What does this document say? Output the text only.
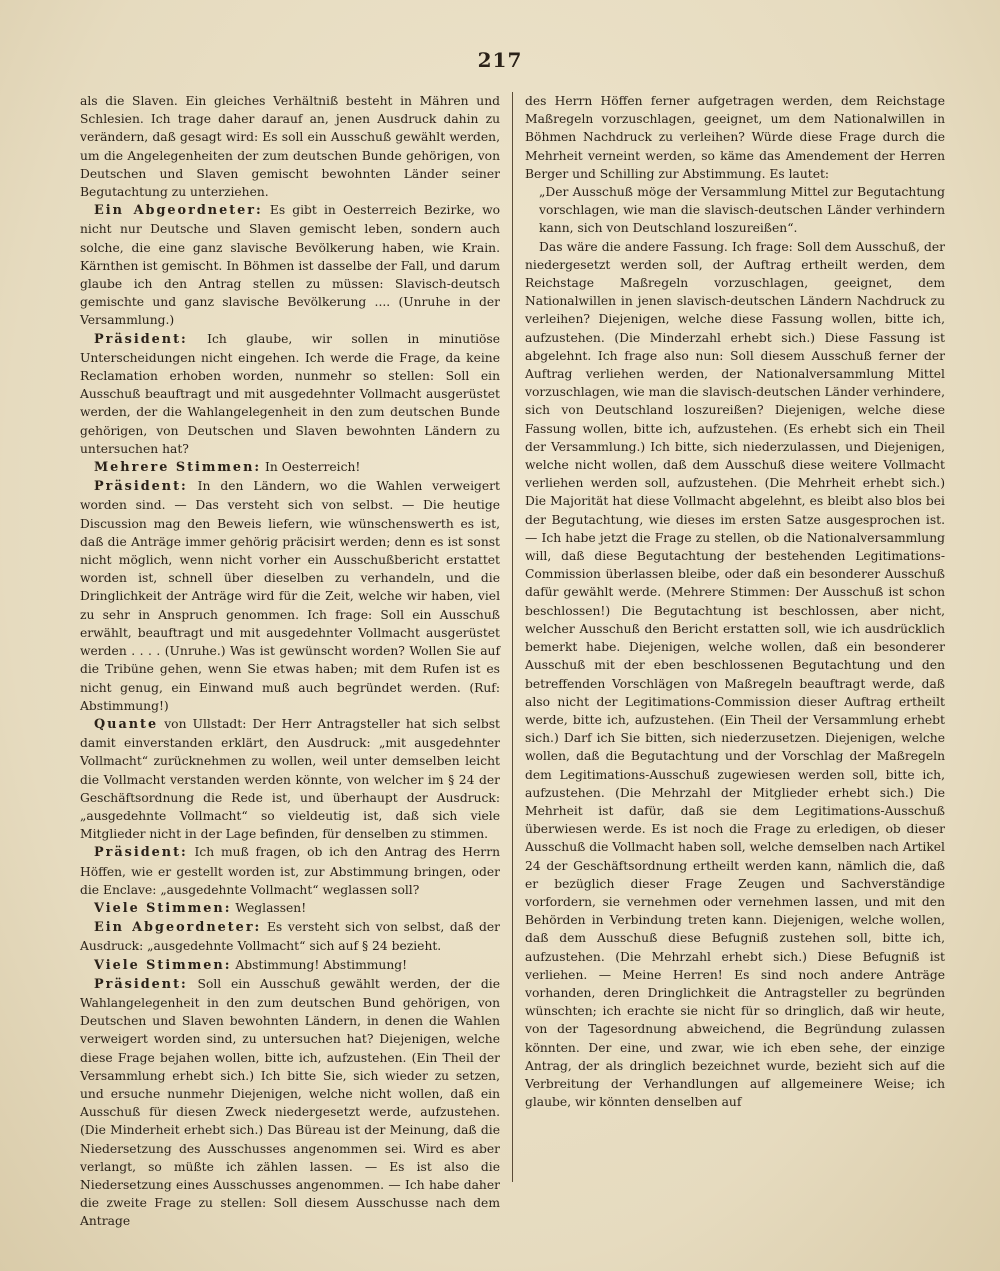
217

als die Slaven. Ein gleiches Verhältniß besteht in Mähren und Schlesien. Ich trage daher darauf an, jenen Ausdruck dahin zu verändern, daß gesagt wird: Es soll ein Ausschuß gewählt werden, um die Angelegenheiten der zum deutschen Bunde gehörigen, von Deutschen und Slaven gemischt bewohnten Länder seiner Begutachtung zu unterziehen.

Ein Abgeordneter: Es gibt in Oesterreich Bezirke, wo nicht nur Deutsche und Slaven gemischt leben, sondern auch solche, die eine ganz slavische Bevölkerung haben, wie Krain. Kärnthen ist gemischt. In Böhmen ist dasselbe der Fall, und darum glaube ich den Antrag stellen zu müssen: Slavisch-deutsch gemischte und ganz slavische Bevölkerung .... (Unruhe in der Versammlung.)

Präsident: Ich glaube, wir sollen in minutiöse Unterscheidungen nicht eingehen. Ich werde die Frage, da keine Reclamation erhoben worden, nunmehr so stellen: Soll ein Ausschuß beauftragt und mit ausgedehnter Vollmacht ausgerüstet werden, der die Wahlangelegenheit in den zum deutschen Bunde gehörigen, von Deutschen und Slaven bewohnten Ländern zu untersuchen hat?

Mehrere Stimmen: In Oesterreich!

Präsident: In den Ländern, wo die Wahlen verweigert worden sind. — Das versteht sich von selbst. — Die heutige Discussion mag den Beweis liefern, wie wünschenswerth es ist, daß die Anträge immer gehörig präcisirt werden; denn es ist sonst nicht möglich, wenn nicht vorher ein Ausschußbericht erstattet worden ist, schnell über dieselben zu verhandeln, und die Dringlichkeit der Anträge wird für die Zeit, welche wir haben, viel zu sehr in Anspruch genommen. Ich frage: Soll ein Ausschuß erwählt, beauftragt und mit ausgedehnter Vollmacht ausgerüstet werden . . . . (Unruhe.) Was ist gewünscht worden? Wollen Sie auf die Tribüne gehen, wenn Sie etwas haben; mit dem Rufen ist es nicht genug, ein Einwand muß auch begründet werden. (Ruf: Abstimmung!)

Quante von Ullstadt: Der Herr Antragsteller hat sich selbst damit einverstanden erklärt, den Ausdruck: „mit ausgedehnter Vollmacht“ zurücknehmen zu wollen, weil unter demselben leicht die Vollmacht verstanden werden könnte, von welcher im § 24 der Geschäftsordnung die Rede ist, und überhaupt der Ausdruck: „ausgedehnte Vollmacht“ so vieldeutig ist, daß sich viele Mitglieder nicht in der Lage befinden, für denselben zu stimmen.

Präsident: Ich muß fragen, ob ich den Antrag des Herrn Höffen, wie er gestellt worden ist, zur Abstimmung bringen, oder die Enclave: „ausgedehnte Vollmacht“ weglassen soll?

Viele Stimmen: Weglassen!

Ein Abgeordneter: Es versteht sich von selbst, daß der Ausdruck: „ausgedehnte Vollmacht“ sich auf § 24 bezieht.

Viele Stimmen: Abstimmung! Abstimmung!

Präsident: Soll ein Ausschuß gewählt werden, der die Wahlangelegenheit in den zum deutschen Bund gehörigen, von Deutschen und Slaven bewohnten Ländern, in denen die Wahlen verweigert worden sind, zu untersuchen hat? Diejenigen, welche diese Frage bejahen wollen, bitte ich, aufzustehen. (Ein Theil der Versammlung erhebt sich.) Ich bitte Sie, sich wieder zu setzen, und ersuche nunmehr Diejenigen, welche nicht wollen, daß ein Ausschuß für diesen Zweck niedergesetzt werde, aufzustehen. (Die Minderheit erhebt sich.) Das Büreau ist der Meinung, daß die Niedersetzung des Ausschusses angenommen sei. Wird es aber verlangt, so müßte ich zählen lassen. — Es ist also die Niedersetzung eines Ausschusses angenommen. — Ich habe daher die zweite Frage zu stellen: Soll diesem Ausschusse nach dem Antrage

des Herrn Höffen ferner aufgetragen werden, dem Reichstage Maßregeln vorzuschlagen, geeignet, um dem Nationalwillen in Böhmen Nachdruck zu verleihen? Würde diese Frage durch die Mehrheit verneint werden, so käme das Amendement der Herren Berger und Schilling zur Abstimmung. Es lautet:

„Der Ausschuß möge der Versammlung Mittel zur Begutachtung vorschlagen, wie man die slavisch-deutschen Länder verhindern kann, sich von Deutschland loszureißen“.

Das wäre die andere Fassung. Ich frage: Soll dem Ausschuß, der niedergesetzt werden soll, der Auftrag ertheilt werden, dem Reichstage Maßregeln vorzuschlagen, geeignet, dem Nationalwillen in jenen slavisch-deutschen Ländern Nachdruck zu verleihen? Diejenigen, welche diese Fassung wollen, bitte ich, aufzustehen. (Die Minderzahl erhebt sich.) Diese Fassung ist abgelehnt. Ich frage also nun: Soll diesem Ausschuß ferner der Auftrag verliehen werden, der Nationalversammlung Mittel vorzuschlagen, wie man die slavisch-deutschen Länder verhindere, sich von Deutschland loszureißen? Diejenigen, welche diese Fassung wollen, bitte ich, aufzustehen. (Es erhebt sich ein Theil der Versammlung.) Ich bitte, sich niederzulassen, und Diejenigen, welche nicht wollen, daß dem Ausschuß diese weitere Vollmacht verliehen werden soll, aufzustehen. (Die Mehrheit erhebt sich.) Die Majorität hat diese Vollmacht abgelehnt, es bleibt also blos bei der Begutachtung, wie dieses im ersten Satze ausgesprochen ist. — Ich habe jetzt die Frage zu stellen, ob die Nationalversammlung will, daß diese Begutachtung der bestehenden Legitimations-Commission überlassen bleibe, oder daß ein besonderer Ausschuß dafür gewählt werde. (Mehrere Stimmen: Der Ausschuß ist schon beschlossen!) Die Begutachtung ist beschlossen, aber nicht, welcher Ausschuß den Bericht erstatten soll, wie ich ausdrücklich bemerkt habe. Diejenigen, welche wollen, daß ein besonderer Ausschuß mit der eben beschlossenen Begutachtung und den betreffenden Vorschlägen von Maßregeln beauftragt werde, daß also nicht der Legitimations-Commission dieser Auftrag ertheilt werde, bitte ich, aufzustehen. (Ein Theil der Versammlung erhebt sich.) Darf ich Sie bitten, sich niederzusetzen. Diejenigen, welche wollen, daß die Begutachtung und der Vorschlag der Maßregeln dem Legitimations-Ausschuß zugewiesen werden soll, bitte ich, aufzustehen. (Die Mehrzahl der Mitglieder erhebt sich.) Die Mehrheit ist dafür, daß sie dem Legitimations-Ausschuß überwiesen werde. Es ist noch die Frage zu erledigen, ob dieser Ausschuß die Vollmacht haben soll, welche demselben nach Artikel 24 der Geschäftsordnung ertheilt werden kann, nämlich die, daß er bezüglich dieser Frage Zeugen und Sachverständige vorfordern, sie vernehmen oder vernehmen lassen, und mit den Behörden in Verbindung treten kann. Diejenigen, welche wollen, daß dem Ausschuß diese Befugniß zustehen soll, bitte ich, aufzustehen. (Die Mehrzahl erhebt sich.) Diese Befugniß ist verliehen. — Meine Herren! Es sind noch andere Anträge vorhanden, deren Dringlichkeit die Antragsteller zu begründen wünschten; ich erachte sie nicht für so dringlich, daß wir heute, von der Tagesordnung abweichend, die Begründung zulassen könnten. Der eine, und zwar, wie ich eben sehe, der einzige Antrag, der als dringlich bezeichnet wurde, bezieht sich auf die Verbreitung der Verhandlungen auf allgemeinere Weise; ich glaube, wir könnten denselben auf
